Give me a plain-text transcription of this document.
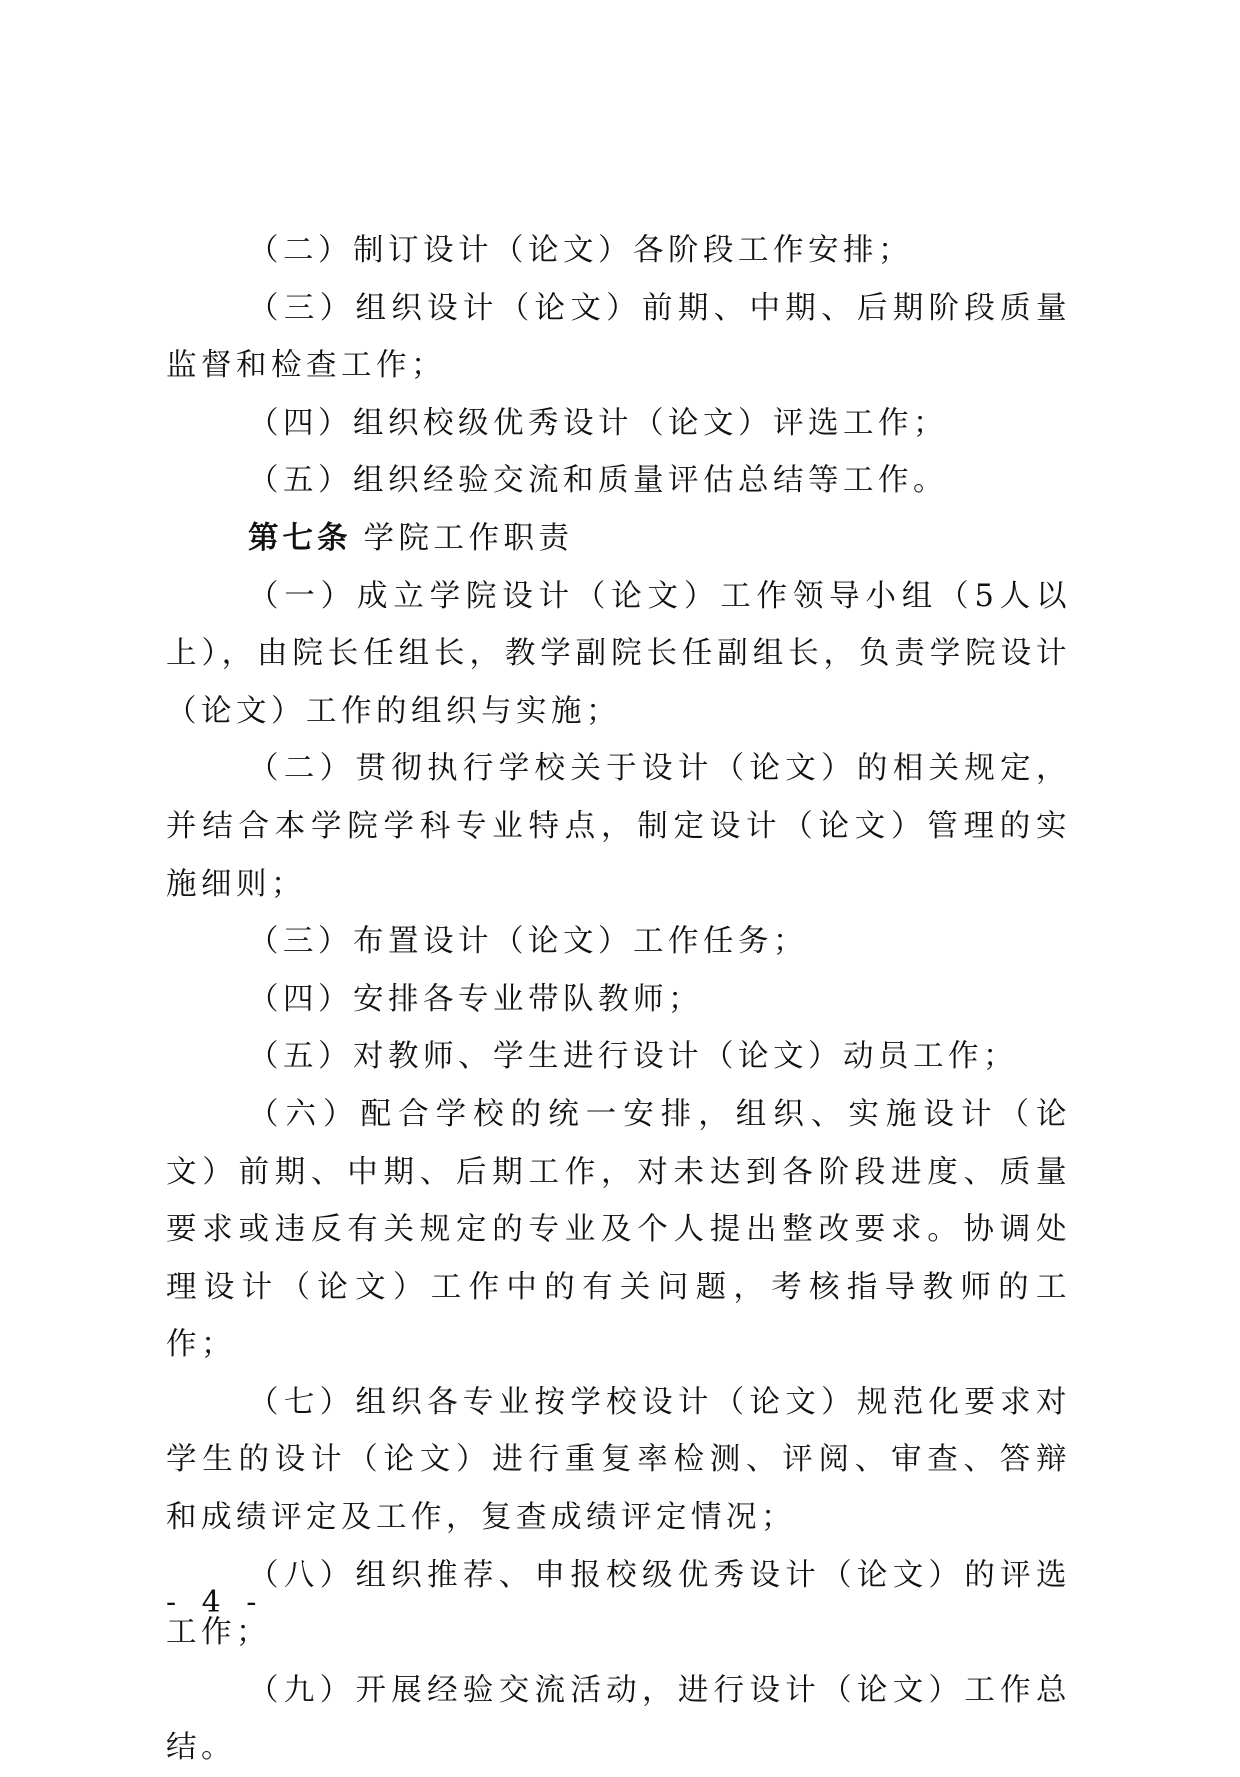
（二）制订设计（论文）各阶段工作安排；

（三）组织设计（论文）前期、中期、后期阶段质量监督和检查工作；

（四）组织校级优秀设计（论文）评选工作；

（五）组织经验交流和质量评估总结等工作。

第七条 学院工作职责

（一）成立学院设计（论文）工作领导小组（5人以上），由院长任组长，教学副院长任副组长，负责学院设计（论文）工作的组织与实施；

（二）贯彻执行学校关于设计（论文）的相关规定，并结合本学院学科专业特点，制定设计（论文）管理的实施细则；

（三）布置设计（论文）工作任务；

（四）安排各专业带队教师；

（五）对教师、学生进行设计（论文）动员工作；

（六）配合学校的统一安排，组织、实施设计（论文）前期、中期、后期工作，对未达到各阶段进度、质量要求或违反有关规定的专业及个人提出整改要求。协调处理设计（论文）工作中的有关问题，考核指导教师的工作；

（七）组织各专业按学校设计（论文）规范化要求对学生的设计（论文）进行重复率检测、评阅、审查、答辩和成绩评定及工作，复查成绩评定情况；

（八）组织推荐、申报校级优秀设计（论文）的评选工作；

（九）开展经验交流活动，进行设计（论文）工作总结。

- 4 -
